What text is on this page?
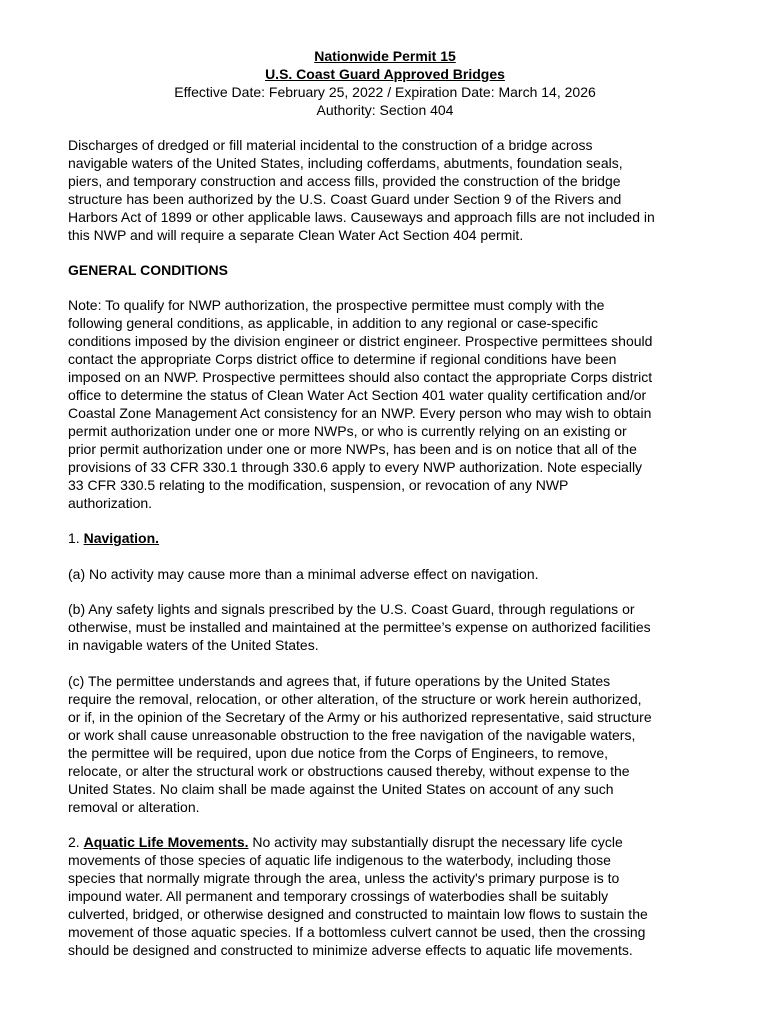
Nationwide Permit 15
U.S. Coast Guard Approved Bridges
Effective Date: February 25, 2022 / Expiration Date: March 14, 2026
Authority: Section 404
Discharges of dredged or fill material incidental to the construction of a bridge across
navigable waters of the United States, including cofferdams, abutments, foundation seals,
piers, and temporary construction and access fills, provided the construction of the bridge
structure has been authorized by the U.S. Coast Guard under Section 9 of the Rivers and
Harbors Act of 1899 or other applicable laws. Causeways and approach fills are not included in
this NWP and will require a separate Clean Water Act Section 404 permit.
GENERAL CONDITIONS
Note: To qualify for NWP authorization, the prospective permittee must comply with the
following general conditions, as applicable, in addition to any regional or case-specific
conditions imposed by the division engineer or district engineer. Prospective permittees should
contact the appropriate Corps district office to determine if regional conditions have been
imposed on an NWP. Prospective permittees should also contact the appropriate Corps district
office to determine the status of Clean Water Act Section 401 water quality certification and/or
Coastal Zone Management Act consistency for an NWP. Every person who may wish to obtain
permit authorization under one or more NWPs, or who is currently relying on an existing or
prior permit authorization under one or more NWPs, has been and is on notice that all of the
provisions of 33 CFR 330.1 through 330.6 apply to every NWP authorization. Note especially
33 CFR 330.5 relating to the modification, suspension, or revocation of any NWP
authorization.
1. Navigation.
(a) No activity may cause more than a minimal adverse effect on navigation.
(b) Any safety lights and signals prescribed by the U.S. Coast Guard, through regulations or
otherwise, must be installed and maintained at the permittee’s expense on authorized facilities
in navigable waters of the United States.
(c) The permittee understands and agrees that, if future operations by the United States
require the removal, relocation, or other alteration, of the structure or work herein authorized,
or if, in the opinion of the Secretary of the Army or his authorized representative, said structure
or work shall cause unreasonable obstruction to the free navigation of the navigable waters,
the permittee will be required, upon due notice from the Corps of Engineers, to remove,
relocate, or alter the structural work or obstructions caused thereby, without expense to the
United States. No claim shall be made against the United States on account of any such
removal or alteration.
2. Aquatic Life Movements. No activity may substantially disrupt the necessary life cycle
movements of those species of aquatic life indigenous to the waterbody, including those
species that normally migrate through the area, unless the activity's primary purpose is to
impound water. All permanent and temporary crossings of waterbodies shall be suitably
culverted, bridged, or otherwise designed and constructed to maintain low flows to sustain the
movement of those aquatic species. If a bottomless culvert cannot be used, then the crossing
should be designed and constructed to minimize adverse effects to aquatic life movements.
